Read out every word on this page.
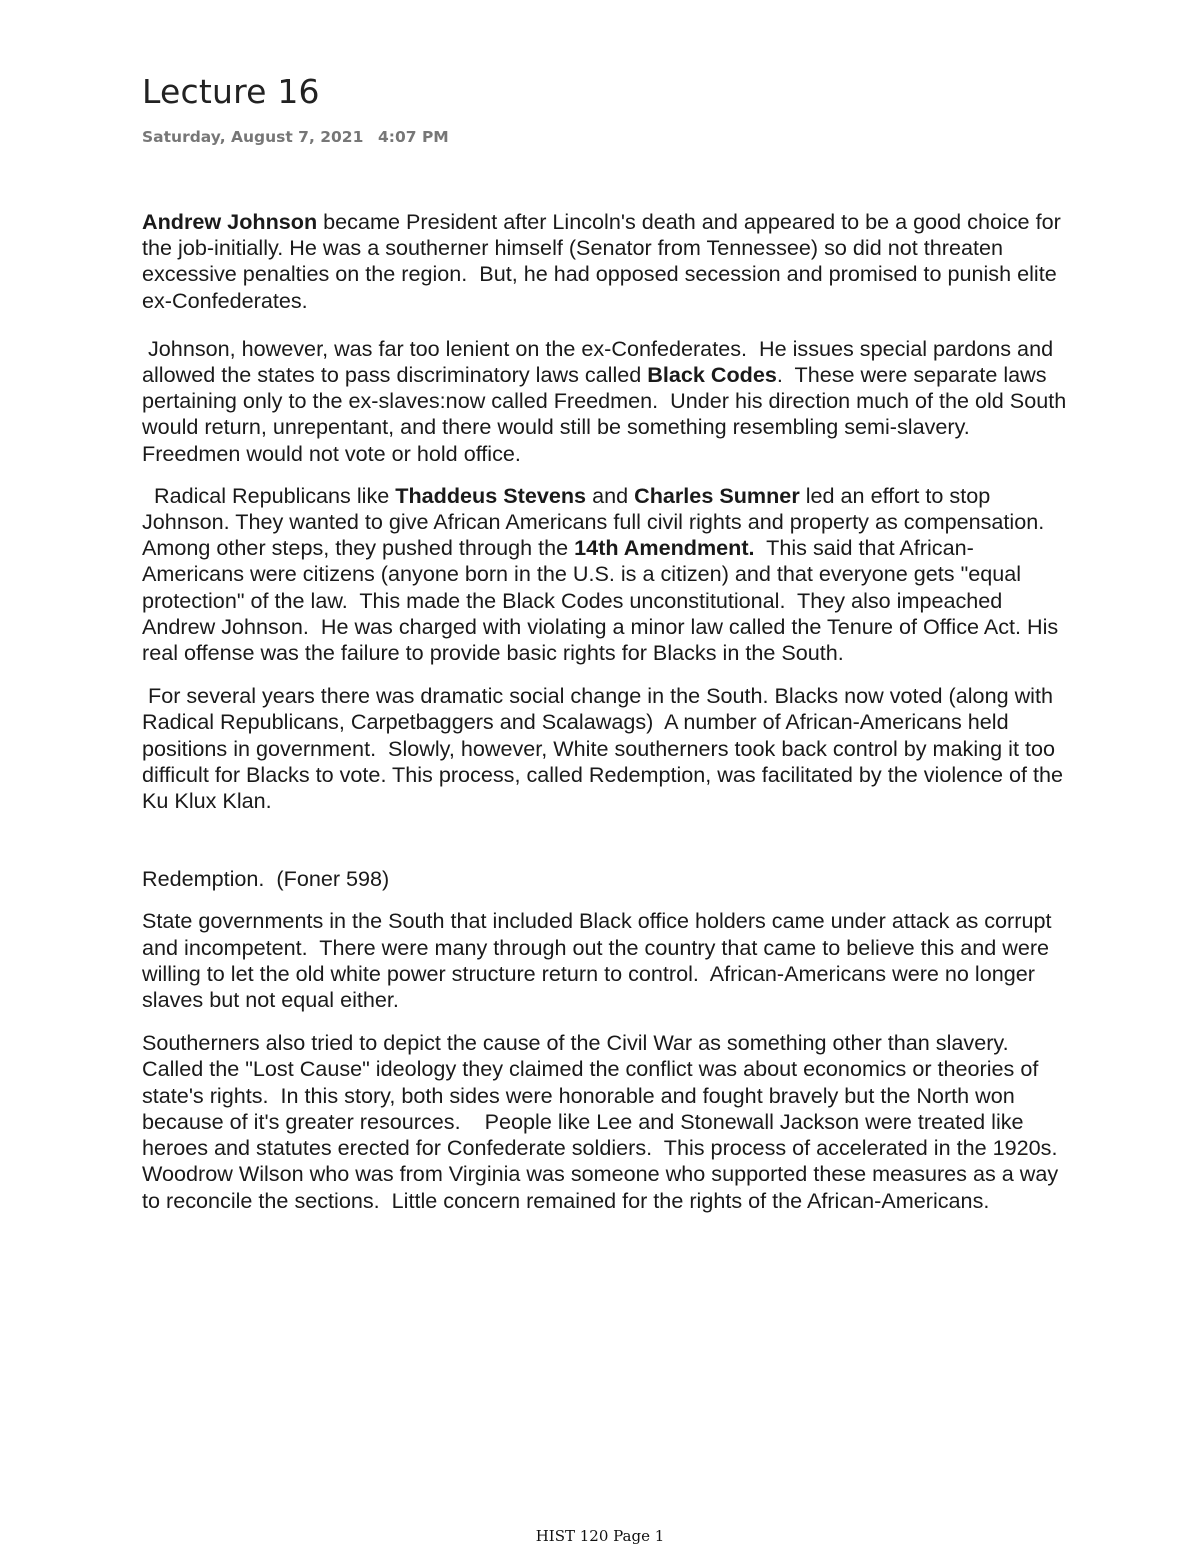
Lecture 16
Saturday, August 7, 2021 4:07 PM

Andrew Johnson became President after Lincoln's death and appeared to be a good choice for the job-initially. He was a southerner himself (Senator from Tennessee) so did not threaten excessive penalties on the region.  But, he had opposed secession and promised to punish elite ex-Confederates.

Johnson, however, was far too lenient on the ex-Confederates.  He issues special pardons and allowed the states to pass discriminatory laws called Black Codes.  These were separate laws pertaining only to the ex-slaves:now called Freedmen.  Under his direction much of the old South would return, unrepentant, and there would still be something resembling semi-slavery.  Freedmen would not vote or hold office.

Radical Republicans like Thaddeus Stevens and Charles Sumner led an effort to stop Johnson. They wanted to give African Americans full civil rights and property as compensation.  Among other steps, they pushed through the 14th Amendment.  This said that African-Americans were citizens (anyone born in the U.S. is a citizen) and that everyone gets "equal protection" of the law.  This made the Black Codes unconstitutional.  They also impeached Andrew Johnson.  He was charged with violating a minor law called the Tenure of Office Act. His real offense was the failure to provide basic rights for Blacks in the South.

For several years there was dramatic social change in the South. Blacks now voted (along with Radical Republicans, Carpetbaggers and Scalawags)  A number of African-Americans held positions in government.  Slowly, however, White southerners took back control by making it too difficult for Blacks to vote. This process, called Redemption, was facilitated by the violence of the Ku Klux Klan.

Redemption.  (Foner 598)

State governments in the South that included Black office holders came under attack as corrupt and incompetent.  There were many through out the country that came to believe this and were willing to let the old white power structure return to control.  African-Americans were no longer slaves but not equal either.

Southerners also tried to depict the cause of the Civil War as something other than slavery.  Called the "Lost Cause" ideology they claimed the conflict was about economics or theories of state's rights.  In this story, both sides were honorable and fought bravely but the North won because of it's greater resources.    People like Lee and Stonewall Jackson were treated like heroes and statutes erected for Confederate soldiers.  This process of accelerated in the 1920s.  Woodrow Wilson who was from Virginia was someone who supported these measures as a way to reconcile the sections.  Little concern remained for the rights of the African-Americans.

HIST 120 Page 1
